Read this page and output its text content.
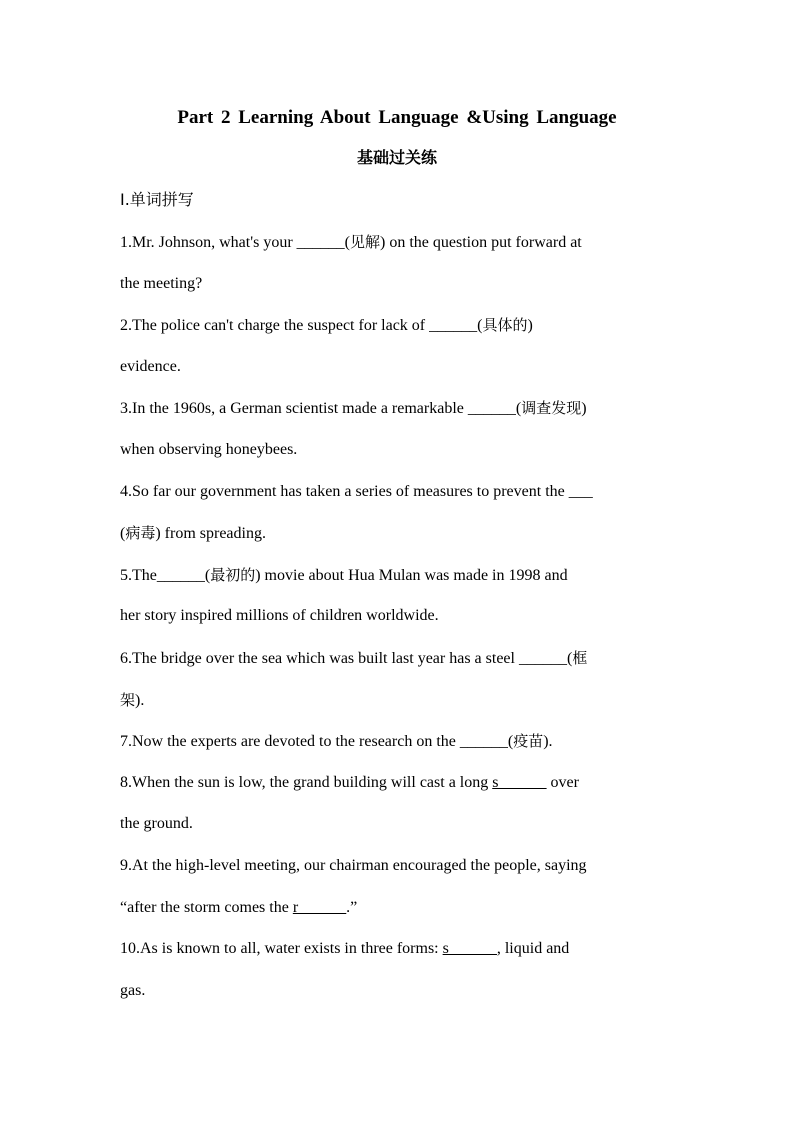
Part 2 Learning About Language &Using Language
基础过关练
Ⅰ.单词拼写
1.Mr. Johnson, what's your ______(见解) on the question put forward at
the meeting?
2.The police can't charge the suspect for lack of ______(具体的)
evidence.
3.In the 1960s, a German scientist made a remarkable ______(调查发现)
when observing honeybees.
4.So far our government has taken a series of measures to prevent the ___
(病毒) from spreading.
5.The______(最初的) movie about Hua Mulan was made in 1998 and
her story inspired millions of children worldwide.
6.The bridge over the sea which was built last year has a steel ______(框
架).
7.Now the experts are devoted to the research on the ______(疫苗).
8.When the sun is low, the grand building will cast a long s______ over
the ground.
9.At the high-level meeting, our chairman encouraged the people, saying
“after the storm comes the r______.”
10.As is known to all, water exists in three forms: s______, liquid and
gas.
